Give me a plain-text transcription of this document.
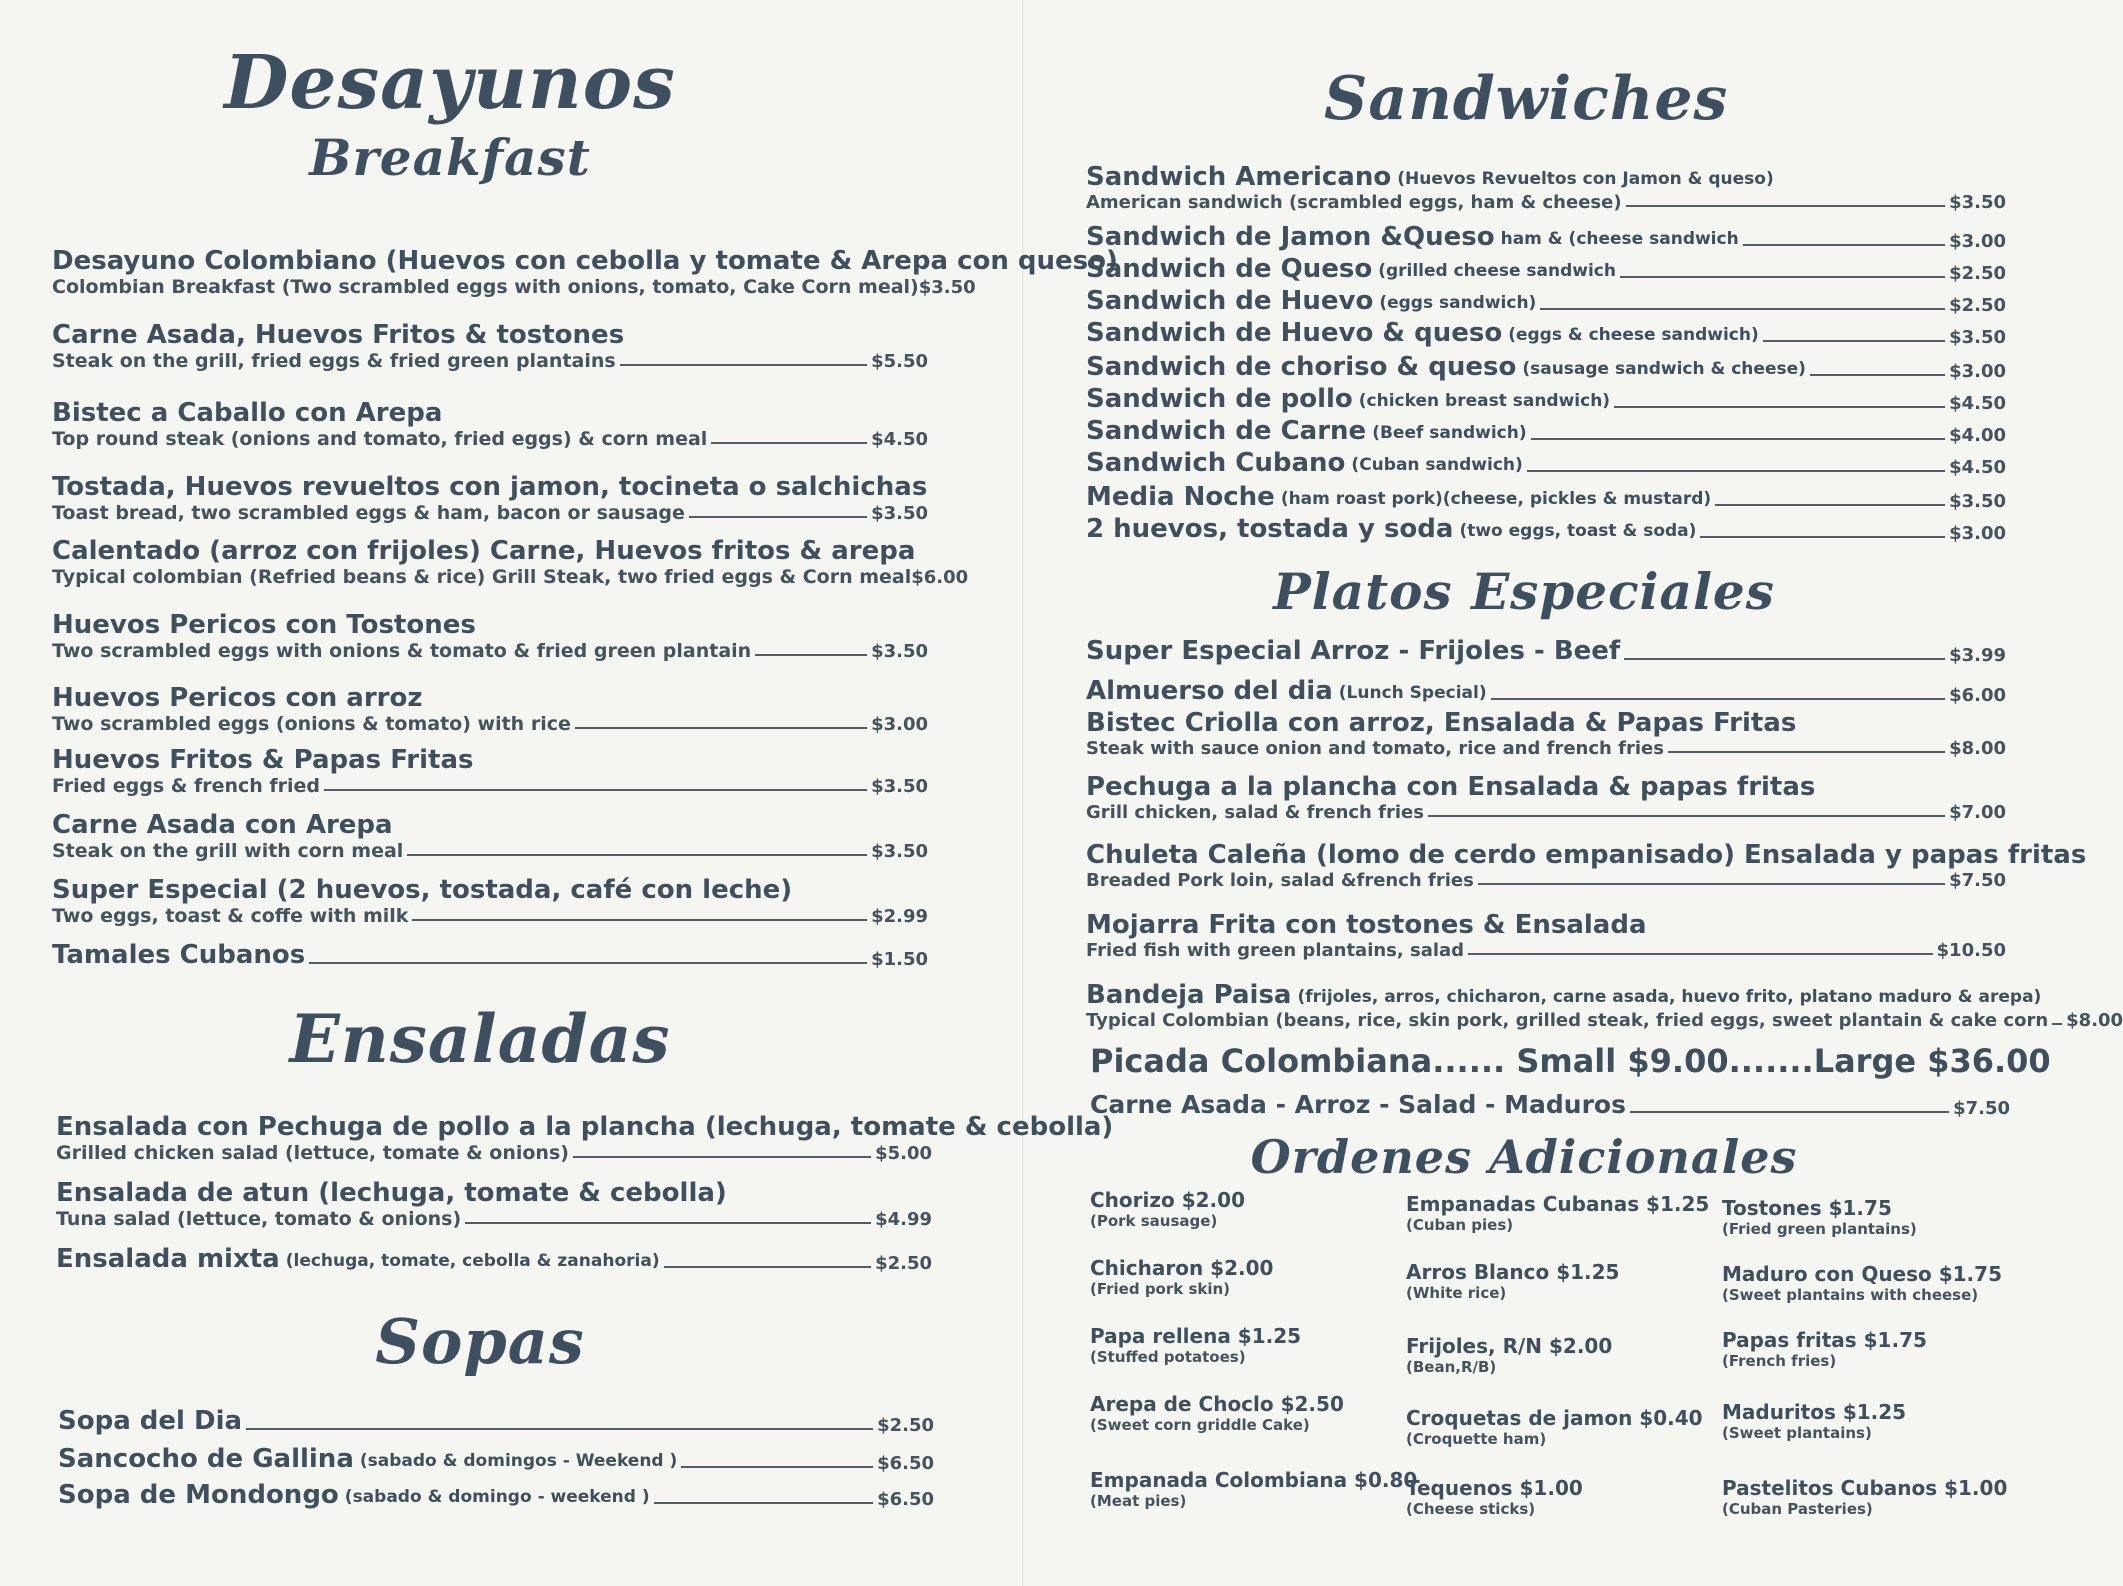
Desayunos
Breakfast
Desayuno Colombiano (Huevos con cebolla y tomate & Arepa con queso)
Colombian Breakfast (Two scrambled eggs with onions, tomato, Cake Corn meal) $3.50
Carne Asada, Huevos Fritos & tostones
Steak on the grill, fried eggs & fried green plantains	$5.50
Bistec a Caballo con Arepa
Top round steak (onions and tomato, fried eggs) & corn meal	$4.50
Tostada, Huevos revueltos con jamon, tocineta o salchichas
Toast bread, two scrambled eggs & ham, bacon or sausage	$3.50
Calentado (arroz con frijoles) Carne, Huevos fritos & arepa
Typical colombian (Refried beans & rice) Grill Steak, two fried eggs & Corn meal $6.00
Huevos Pericos con Tostones
Two scrambled eggs with onions & tomato & fried green plantain	$3.50
Huevos Pericos con arroz
Two scrambled eggs (onions & tomato) with rice	$3.00
Huevos Fritos & Papas Fritas
Fried eggs & french fried	$3.50
Carne Asada con Arepa
Steak on the grill with corn meal	$3.50
Super Especial (2 huevos, tostada, café con leche)
Two eggs, toast & coffe with milk	$2.99
Tamales Cubanos	$1.50
Ensaladas
Ensalada con Pechuga de pollo a la plancha (lechuga, tomate & cebolla)
Grilled chicken salad (lettuce, tomate & onions)	$5.00
Ensalada de atun (lechuga, tomate & cebolla)
Tuna salad (lettuce, tomato & onions)	$4.99
Ensalada mixta (lechuga, tomate, cebolla & zanahoria)	$2.50
Sopas
Sopa del Dia	$2.50
Sancocho de Gallina (sabado & domingos - Weekend )	$6.50
Sopa de Mondongo (sabado & domingo - weekend )	$6.50
Sandwiches
Sandwich Americano (Huevos Revueltos con Jamon & queso)
American sandwich (scrambled eggs, ham & cheese)	$3.50
Sandwich de Jamon &Queso ham & (cheese sandwich	$3.00
Sandwich de Queso (grilled cheese sandwich	$2.50
Sandwich de Huevo (eggs sandwich)	$2.50
Sandwich de Huevo & queso (eggs & cheese sandwich)	$3.50
Sandwich de choriso & queso (sausage sandwich & cheese)	$3.00
Sandwich de pollo (chicken breast sandwich)	$4.50
Sandwich de Carne (Beef sandwich)	$4.00
Sandwich Cubano (Cuban sandwich)	$4.50
Media Noche (ham roast pork)(cheese, pickles & mustard)	$3.50
2 huevos, tostada y soda (two eggs, toast & soda)	$3.00
Platos Especiales
Super Especial Arroz - Frijoles - Beef	$3.99
Almuerso del dia (Lunch Special)	$6.00
Bistec Criolla con arroz, Ensalada & Papas Fritas
Steak with sauce onion and tomato, rice and french fries	$8.00
Pechuga a la plancha con Ensalada & papas fritas
Grill chicken, salad & french fries	$7.00
Chuleta Caleña (lomo de cerdo empanisado) Ensalada y papas fritas
Breaded Pork loin, salad &french fries	$7.50
Mojarra Frita con tostones & Ensalada
Fried fish with green plantains, salad	$10.50
Bandeja Paisa (frijoles, arros, chicharon, carne asada, huevo frito, platano maduro & arepa)
Typical Colombian (beans, rice, skin pork, grilled steak, fried eggs, sweet plantain & cake corn $8.00
Picada Colombiana...... Small $9.00.......Large $36.00
Carne Asada - Arroz - Salad - Maduros	$7.50
Ordenes Adicionales
Chorizo $2.00
(Pork sausage)
Chicharon $2.00
(Fried pork skin)
Papa rellena $1.25
(Stuffed potatoes)
Arepa de Choclo $2.50
(Sweet corn griddle Cake)
Empanada Colombiana $0.80
(Meat pies)
Empanadas Cubanas $1.25
(Cuban pies)
Arros Blanco $1.25
(White rice)
Frijoles, R/N $2.00
(Bean,R/B)
Croquetas de jamon $0.40
(Croquette ham)
Tequenos $1.00
(Cheese sticks)
Tostones $1.75
(Fried green plantains)
Maduro con Queso $1.75
(Sweet plantains with cheese)
Papas fritas $1.75
(French fries)
Maduritos $1.25
(Sweet plantains)
Pastelitos Cubanos $1.00
(Cuban Pasteries)
